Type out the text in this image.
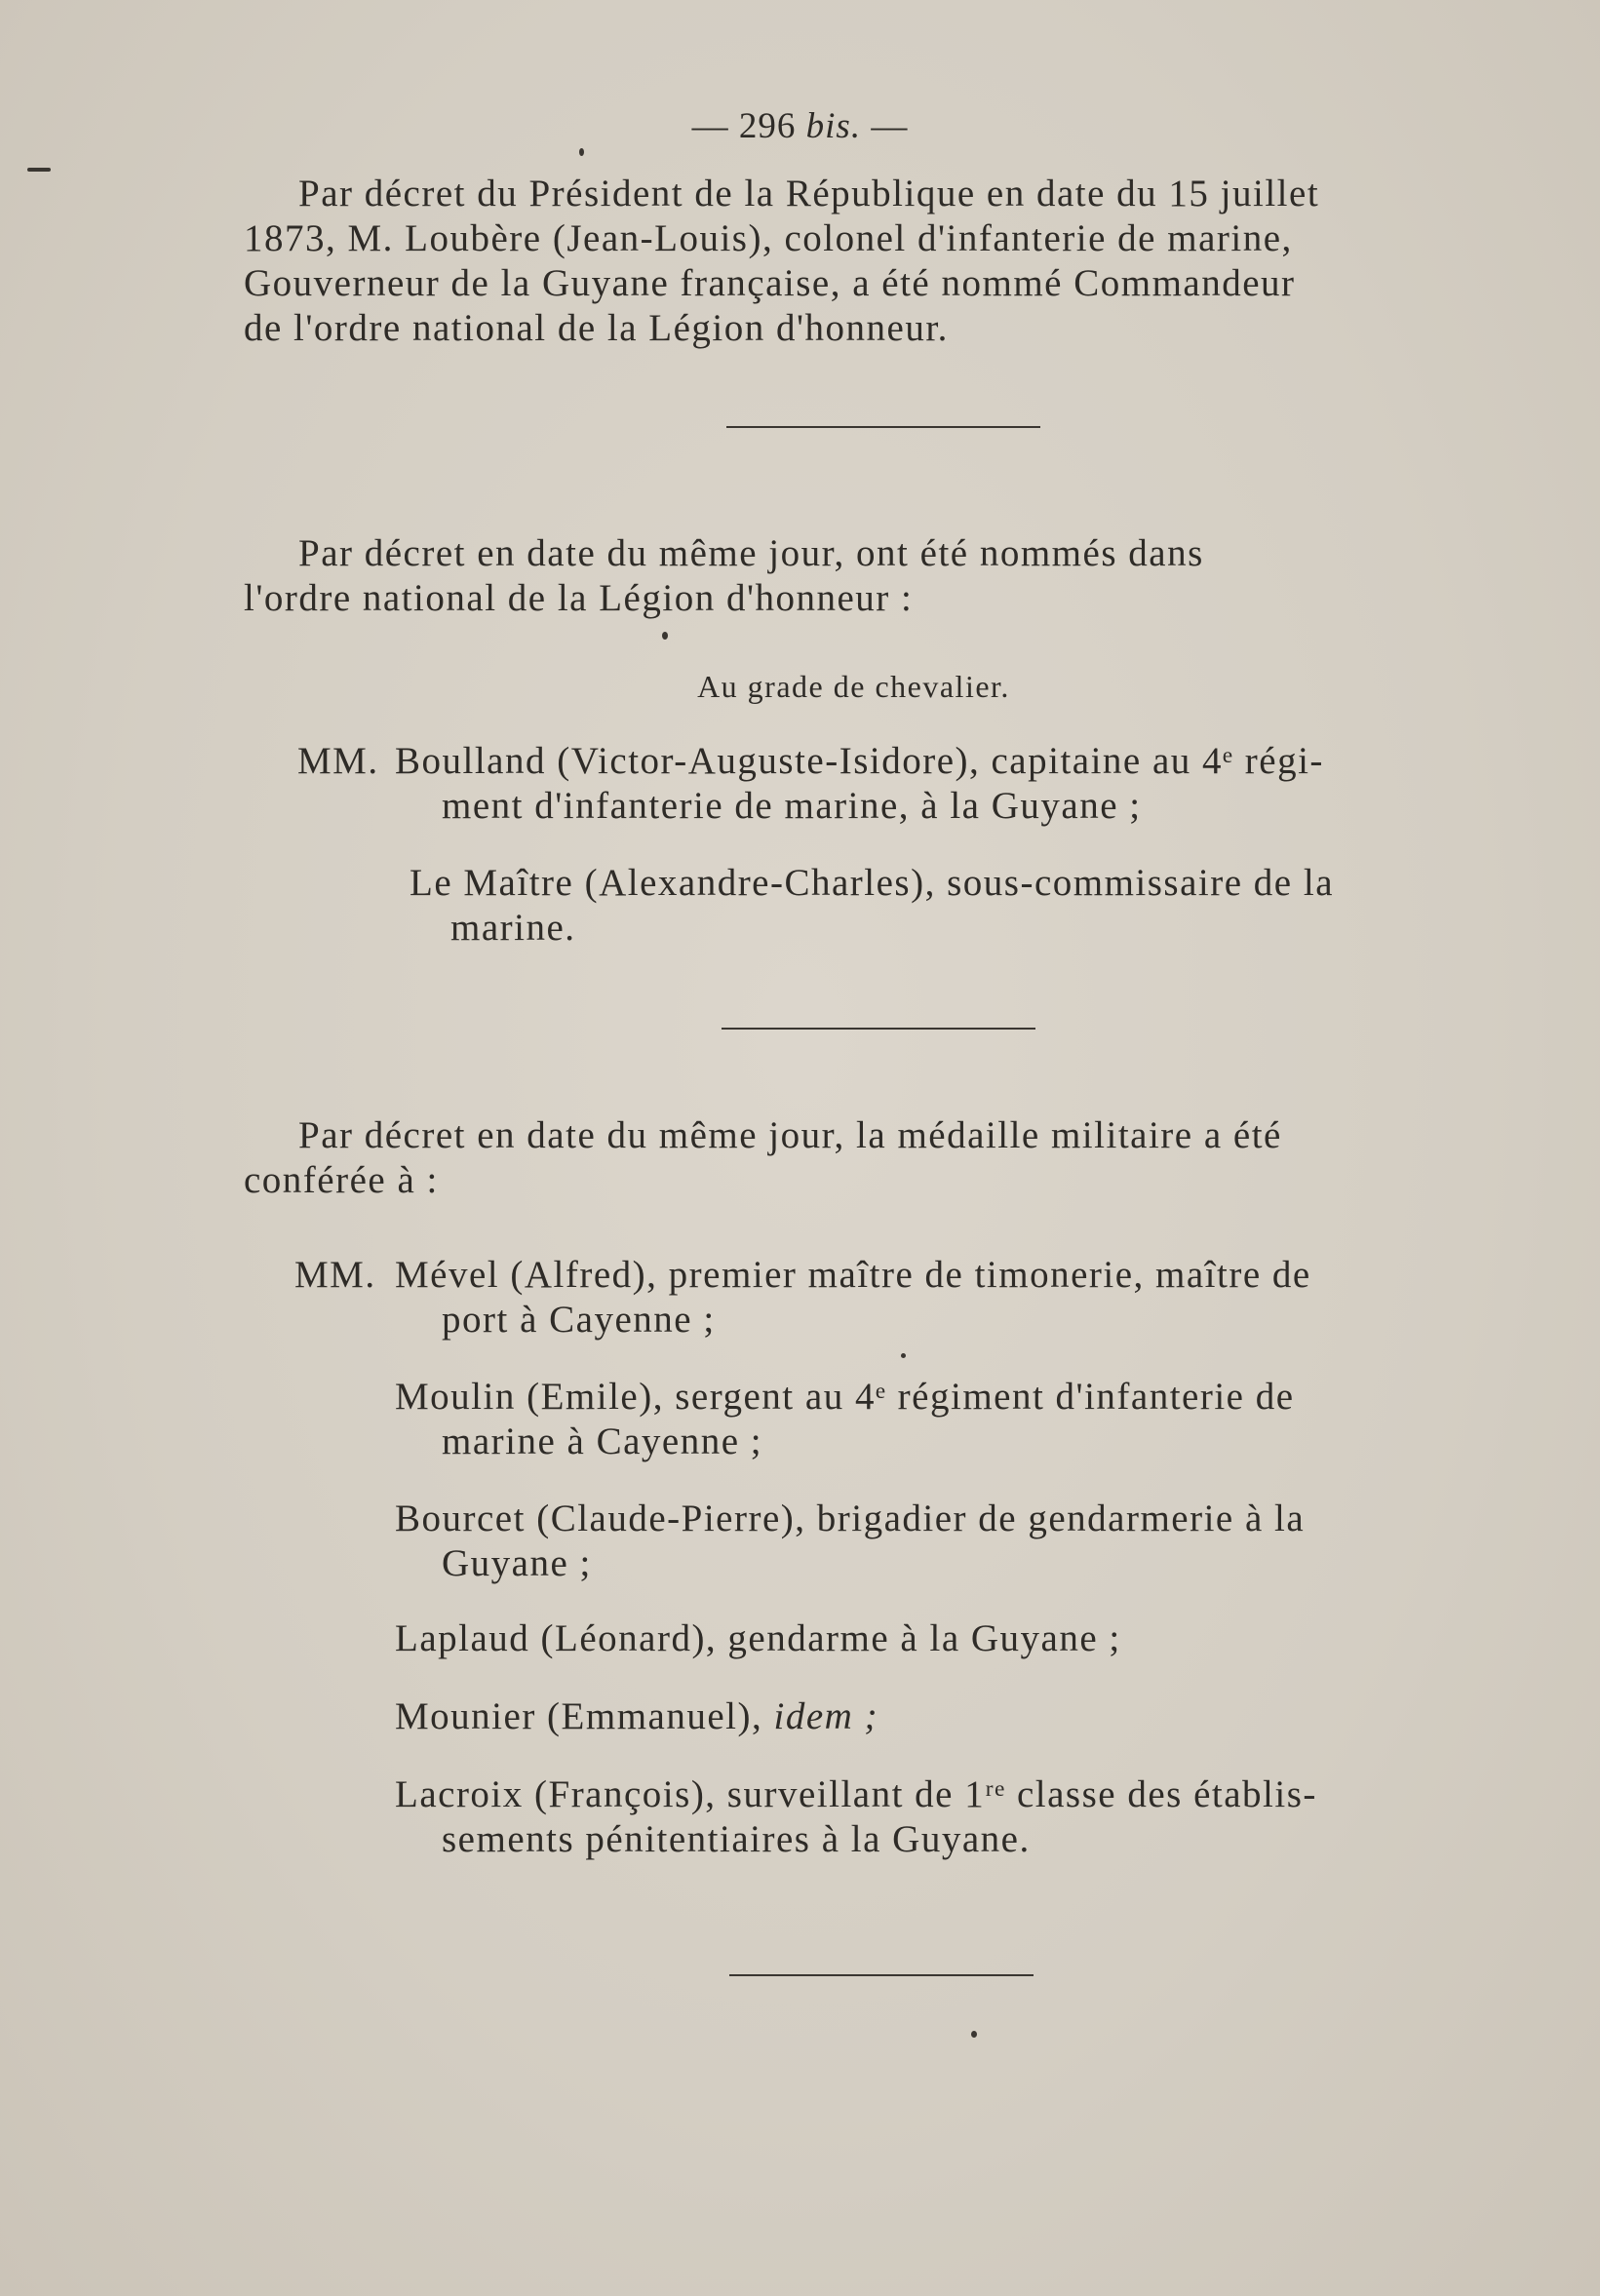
— 296 bis. —
Par décret du Président de la République en date du 15 juillet
1873, M. Loubère (Jean-Louis), colonel d'infanterie de marine,
Gouverneur de la Guyane française, a été nommé Commandeur
de l'ordre national de la Légion d'honneur.
Par décret en date du même jour, ont été nommés dans
l'ordre national de la Légion d'honneur :
Au grade de chevalier.
MM. Boulland (Victor-Auguste-Isidore), capitaine au 4ᵉ régi-
ment d'infanterie de marine, à la Guyane ;
Le Maître (Alexandre-Charles), sous-commissaire de la
marine.
Par décret en date du même jour, la médaille militaire a été
conférée à :
MM. Mével (Alfred), premier maître de timonerie, maître de
port à Cayenne ;
Moulin (Emile), sergent au 4ᵉ régiment d'infanterie de
marine à Cayenne ;
Bourcet (Claude-Pierre), brigadier de gendarmerie à la
Guyane ;
Laplaud (Léonard), gendarme à la Guyane ;
Mounier (Emmanuel), idem ;
Lacroix (François), surveillant de 1ʳᵉ classe des établis-
sements pénitentiaires à la Guyane.
